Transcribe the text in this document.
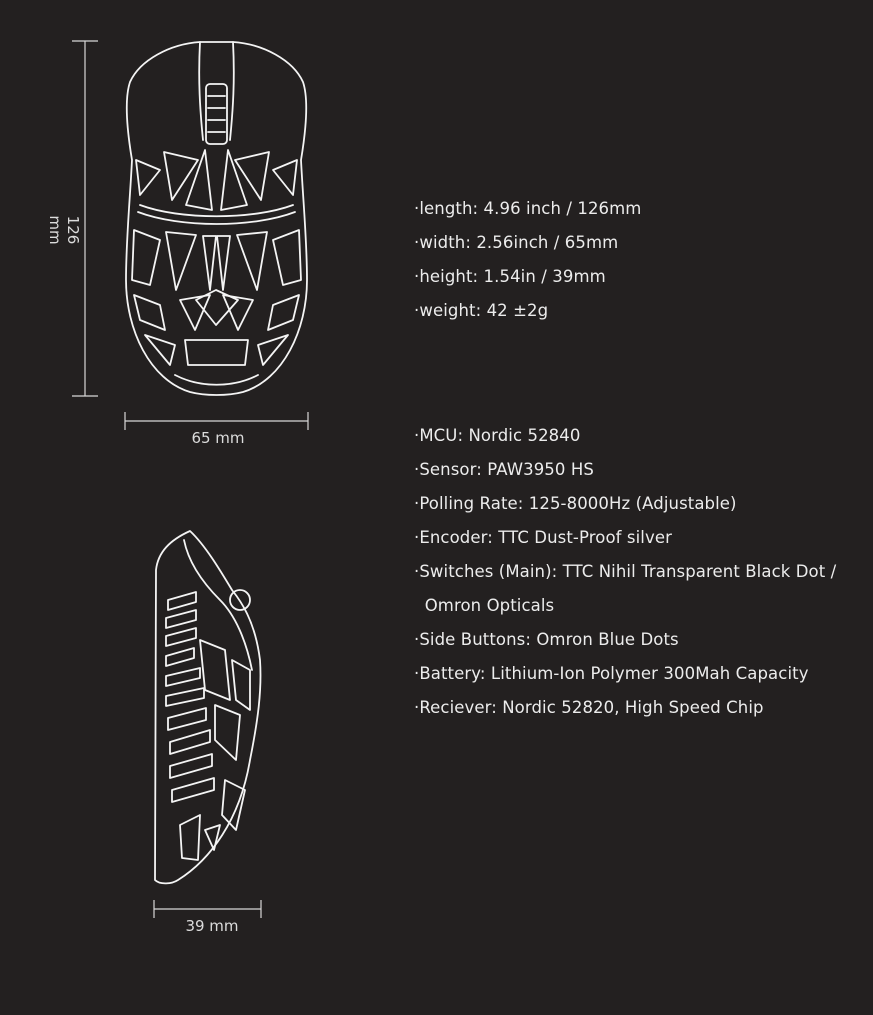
126 mm
65 mm
39 mm
·length: 4.96 inch / 126mm
·width: 2.56inch / 65mm
·height: 1.54in / 39mm
·weight: 42 ±2g
·MCU: Nordic 52840
·Sensor: PAW3950 HS
·Polling Rate: 125-8000Hz (Adjustable)
·Encoder: TTC Dust-Proof silver
·Switches (Main): TTC Nihil Transparent Black Dot /
Omron Opticals
·Side Buttons: Omron Blue Dots
·Battery: Lithium-Ion Polymer 300Mah Capacity
·Reciever: Nordic 52820, High Speed Chip
